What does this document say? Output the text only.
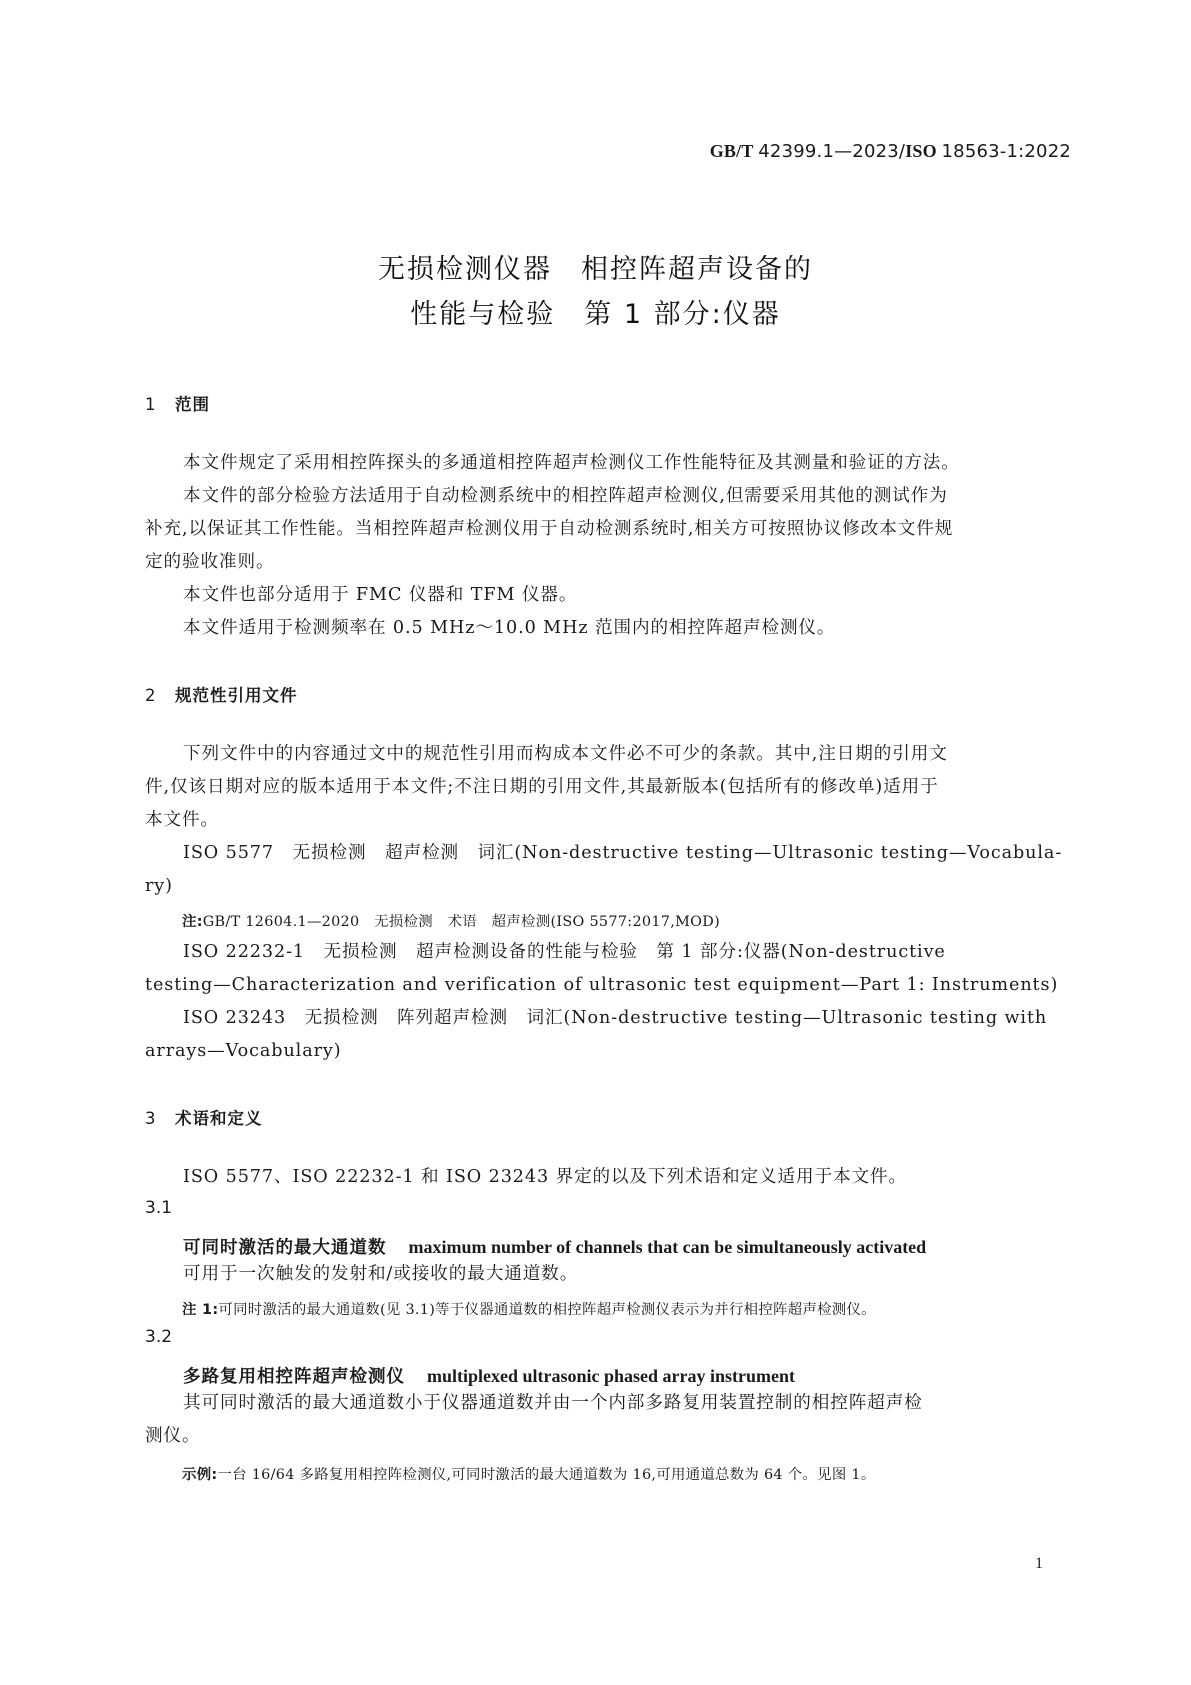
GB/T 42399.1—2023/ISO 18563-1:2022
无损检测仪器　相控阵超声设备的
性能与检验　第 1 部分:仪器
1 范围
本文件规定了采用相控阵探头的多通道相控阵超声检测仪工作性能特征及其测量和验证的方法。
本文件的部分检验方法适用于自动检测系统中的相控阵超声检测仪,但需要采用其他的测试作为
补充,以保证其工作性能。当相控阵超声检测仪用于自动检测系统时,相关方可按照协议修改本文件规
定的验收准则。
本文件也部分适用于 FMC 仪器和 TFM 仪器。
本文件适用于检测频率在 0.5 MHz～10.0 MHz 范围内的相控阵超声检测仪。
2 规范性引用文件
下列文件中的内容通过文中的规范性引用而构成本文件必不可少的条款。其中,注日期的引用文
件,仅该日期对应的版本适用于本文件;不注日期的引用文件,其最新版本(包括所有的修改单)适用于
本文件。
ISO 5577　无损检测　超声检测　词汇(Non-destructive testing—Ultrasonic testing—Vocabula-
ry)
注:GB/T 12604.1—2020　无损检测　术语　超声检测(ISO 5577:2017,MOD)
ISO 22232-1　无损检测　超声检测设备的性能与检验　第 1 部分:仪器(Non-destructive
testing—Characterization and verification of ultrasonic test equipment—Part 1: Instruments)
ISO 23243　无损检测　阵列超声检测　词汇(Non-destructive testing—Ultrasonic testing with
arrays—Vocabulary)
3 术语和定义
ISO 5577、ISO 22232-1 和 ISO 23243 界定的以及下列术语和定义适用于本文件。
3.1
可同时激活的最大通道数 maximum number of channels that can be simultaneously activated
可用于一次触发的发射和/或接收的最大通道数。
注 1:可同时激活的最大通道数(见 3.1)等于仪器通道数的相控阵超声检测仪表示为并行相控阵超声检测仪。
3.2
多路复用相控阵超声检测仪 multiplexed ultrasonic phased array instrument
其可同时激活的最大通道数小于仪器通道数并由一个内部多路复用装置控制的相控阵超声检
测仪。
示例:一台 16/64 多路复用相控阵检测仪,可同时激活的最大通道数为 16,可用通道总数为 64 个。见图 1。
1
